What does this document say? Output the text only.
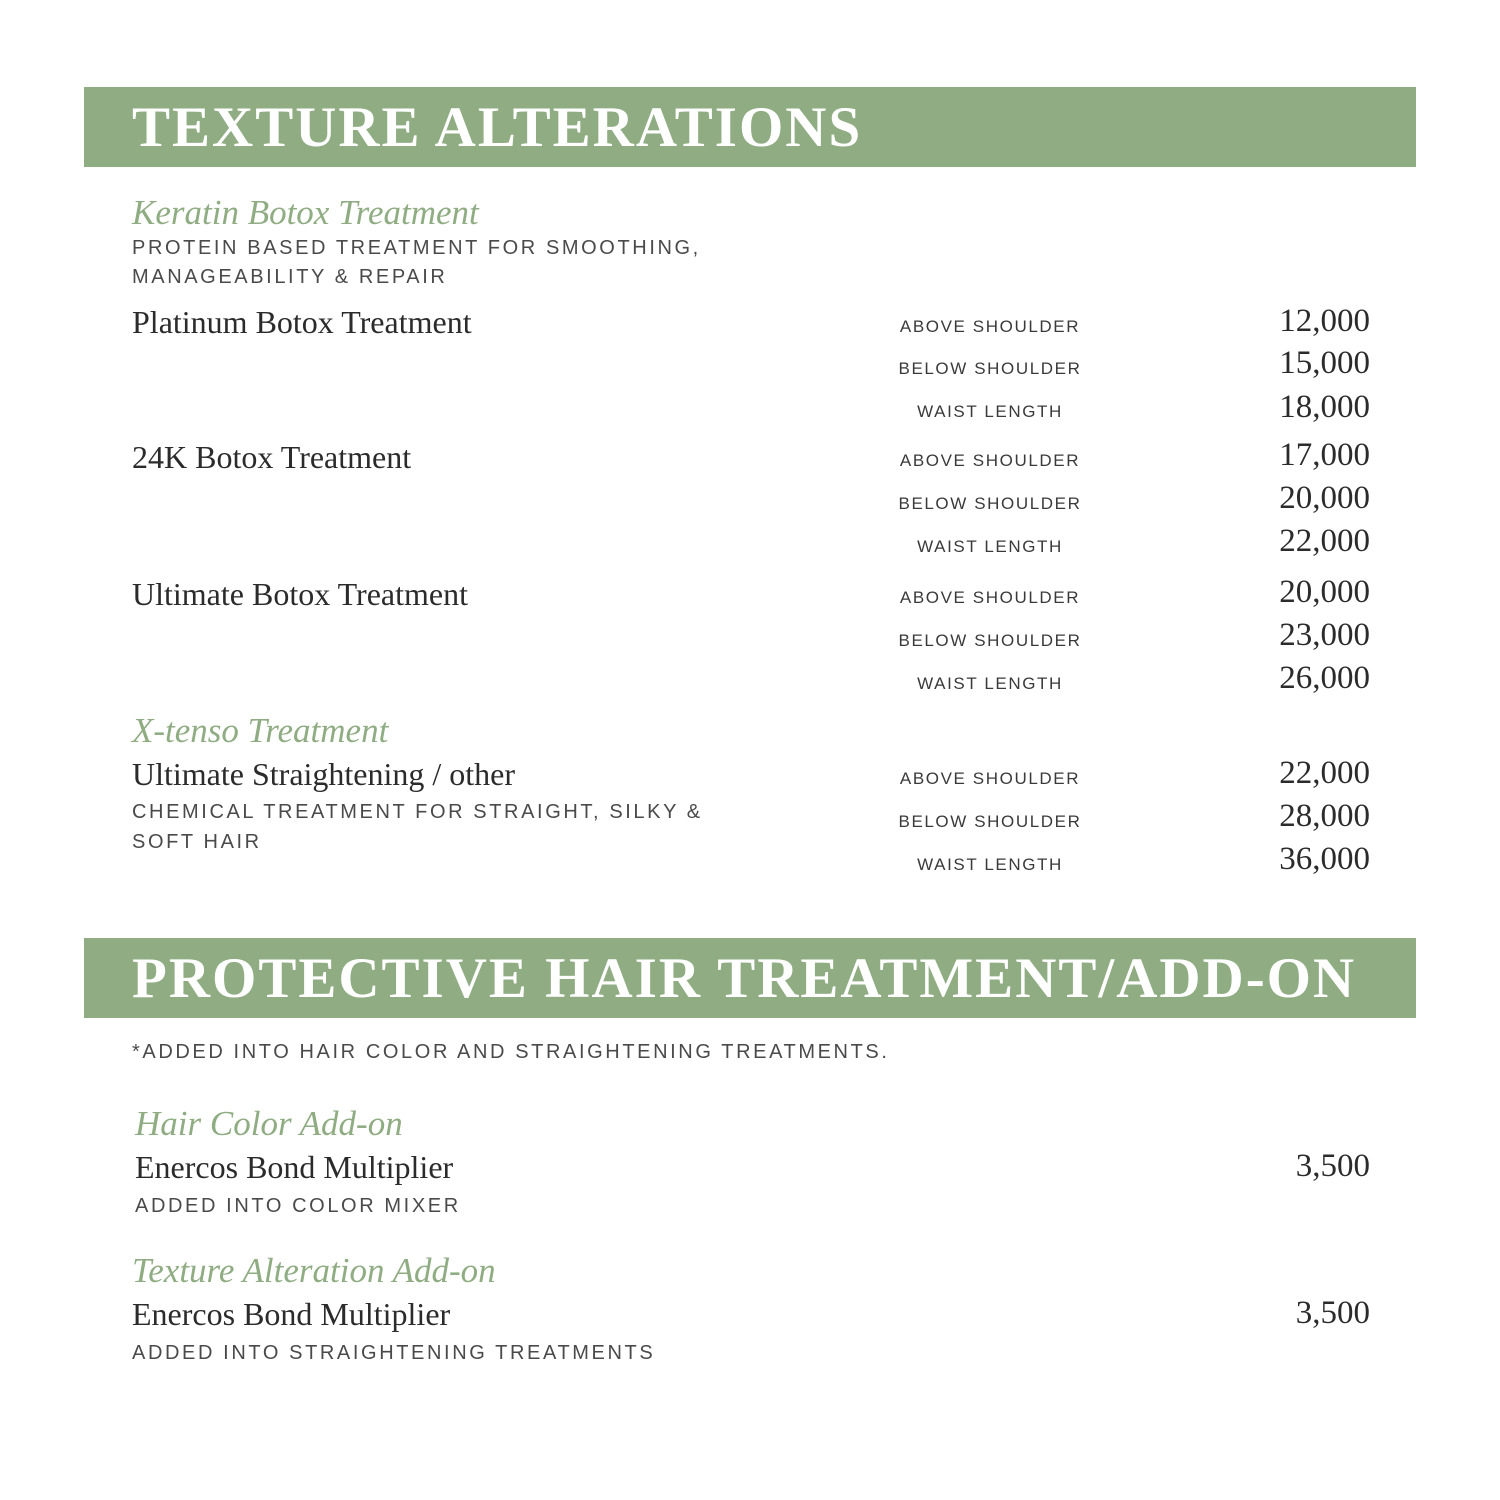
TEXTURE ALTERATIONS
Keratin Botox Treatment
PROTEIN BASED TREATMENT FOR SMOOTHING,
MANAGEABILITY & REPAIR
Platinum Botox Treatment	ABOVE SHOULDER	12,000
BELOW SHOULDER	15,000
WAIST LENGTH	18,000
24K Botox Treatment	ABOVE SHOULDER	17,000
BELOW SHOULDER	20,000
WAIST LENGTH	22,000
Ultimate Botox Treatment	ABOVE SHOULDER	20,000
BELOW SHOULDER	23,000
WAIST LENGTH	26,000
X-tenso Treatment
Ultimate Straightening / other
CHEMICAL TREATMENT FOR STRAIGHT, SILKY &
SOFT HAIR
ABOVE SHOULDER	22,000
BELOW SHOULDER	28,000
WAIST LENGTH	36,000
PROTECTIVE HAIR TREATMENT/ADD-ON
*ADDED INTO HAIR COLOR AND STRAIGHTENING TREATMENTS.
Hair Color Add-on
Enercos Bond Multiplier	3,500
ADDED INTO COLOR MIXER
Texture Alteration Add-on
Enercos Bond Multiplier	3,500
ADDED INTO STRAIGHTENING TREATMENTS
